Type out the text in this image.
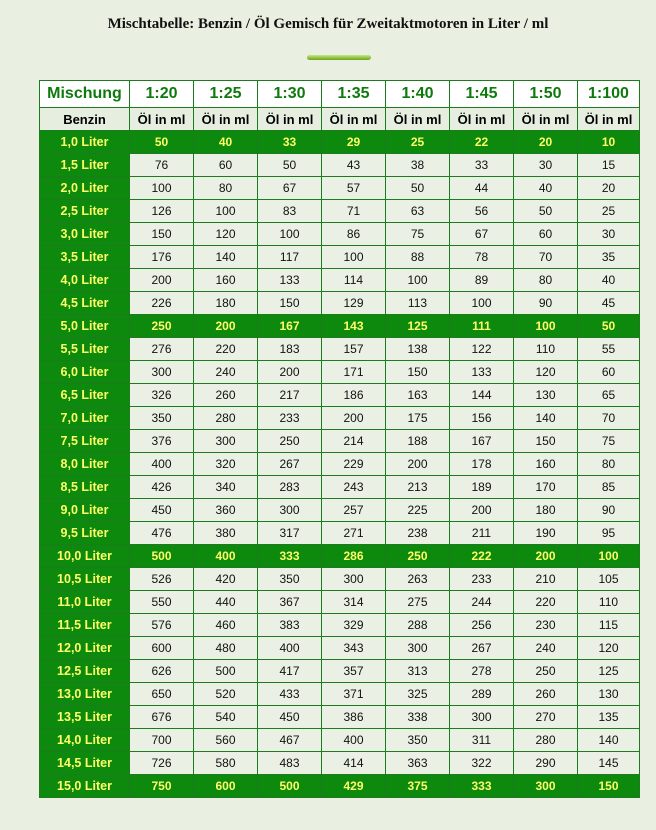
Mischtabelle: Benzin / Öl Gemisch für Zweitaktmotoren in Liter / ml
Mischung	1:20	1:25	1:30	1:35	1:40	1:45	1:50	1:100
Benzin	Öl in ml	Öl in ml	Öl in ml	Öl in ml	Öl in ml	Öl in ml	Öl in ml	Öl in ml
1,0 Liter	50	40	33	29	25	22	20	10
1,5 Liter	76	60	50	43	38	33	30	15
2,0 Liter	100	80	67	57	50	44	40	20
2,5 Liter	126	100	83	71	63	56	50	25
3,0 Liter	150	120	100	86	75	67	60	30
3,5 Liter	176	140	117	100	88	78	70	35
4,0 Liter	200	160	133	114	100	89	80	40
4,5 Liter	226	180	150	129	113	100	90	45
5,0 Liter	250	200	167	143	125	111	100	50
5,5 Liter	276	220	183	157	138	122	110	55
6,0 Liter	300	240	200	171	150	133	120	60
6,5 Liter	326	260	217	186	163	144	130	65
7,0 Liter	350	280	233	200	175	156	140	70
7,5 Liter	376	300	250	214	188	167	150	75
8,0 Liter	400	320	267	229	200	178	160	80
8,5 Liter	426	340	283	243	213	189	170	85
9,0 Liter	450	360	300	257	225	200	180	90
9,5 Liter	476	380	317	271	238	211	190	95
10,0 Liter	500	400	333	286	250	222	200	100
10,5 Liter	526	420	350	300	263	233	210	105
11,0 Liter	550	440	367	314	275	244	220	110
11,5 Liter	576	460	383	329	288	256	230	115
12,0 Liter	600	480	400	343	300	267	240	120
12,5 Liter	626	500	417	357	313	278	250	125
13,0 Liter	650	520	433	371	325	289	260	130
13,5 Liter	676	540	450	386	338	300	270	135
14,0 Liter	700	560	467	400	350	311	280	140
14,5 Liter	726	580	483	414	363	322	290	145
15,0 Liter	750	600	500	429	375	333	300	150
